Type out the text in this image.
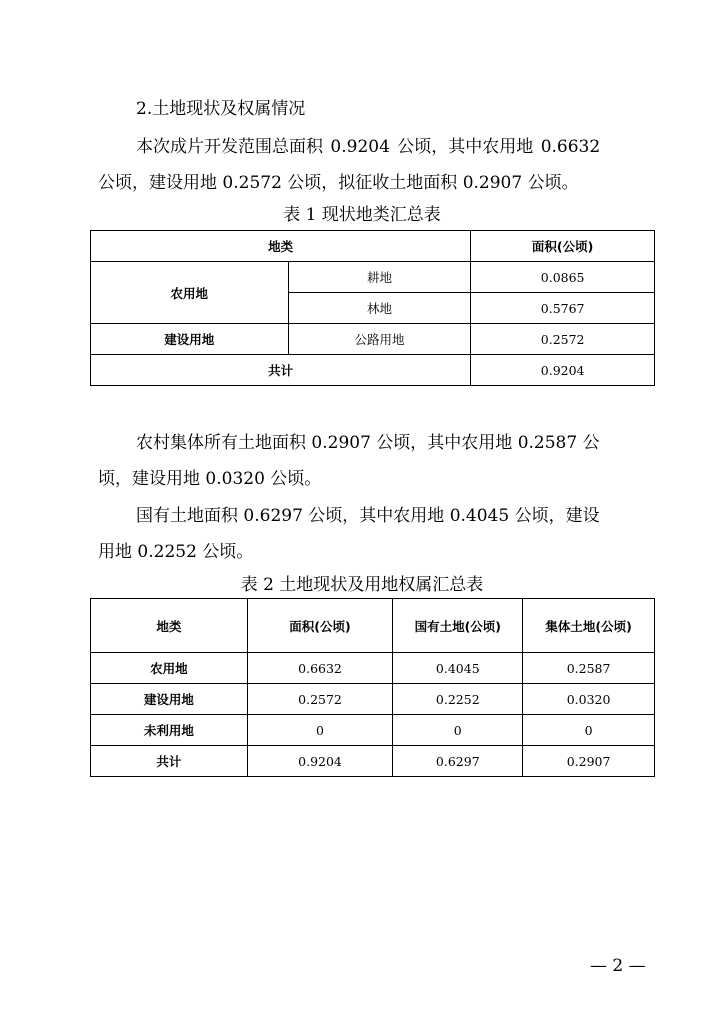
2.土地现状及权属情况
本次成片开发范围总面积 0.9204 公顷，其中农用地 0.6632
公顷，建设用地 0.2572 公顷，拟征收土地面积 0.2907 公顷。
表 1 现状地类汇总表
地类		面积(公顷)
农用地	耕地	0.0865
	林地	0.5767
建设用地	公路用地	0.2572
共计		0.9204
农村集体所有土地面积 0.2907 公顷，其中农用地 0.2587 公
顷，建设用地 0.0320 公顷。
国有土地面积 0.6297 公顷，其中农用地 0.4045 公顷，建设
用地 0.2252 公顷。
表 2 土地现状及用地权属汇总表
地类	面积(公顷)	国有土地(公顷)	集体土地(公顷)
农用地	0.6632	0.4045	0.2587
建设用地	0.2572	0.2252	0.0320
未利用地	0	0	0
共计	0.9204	0.6297	0.2907
— 2 —
